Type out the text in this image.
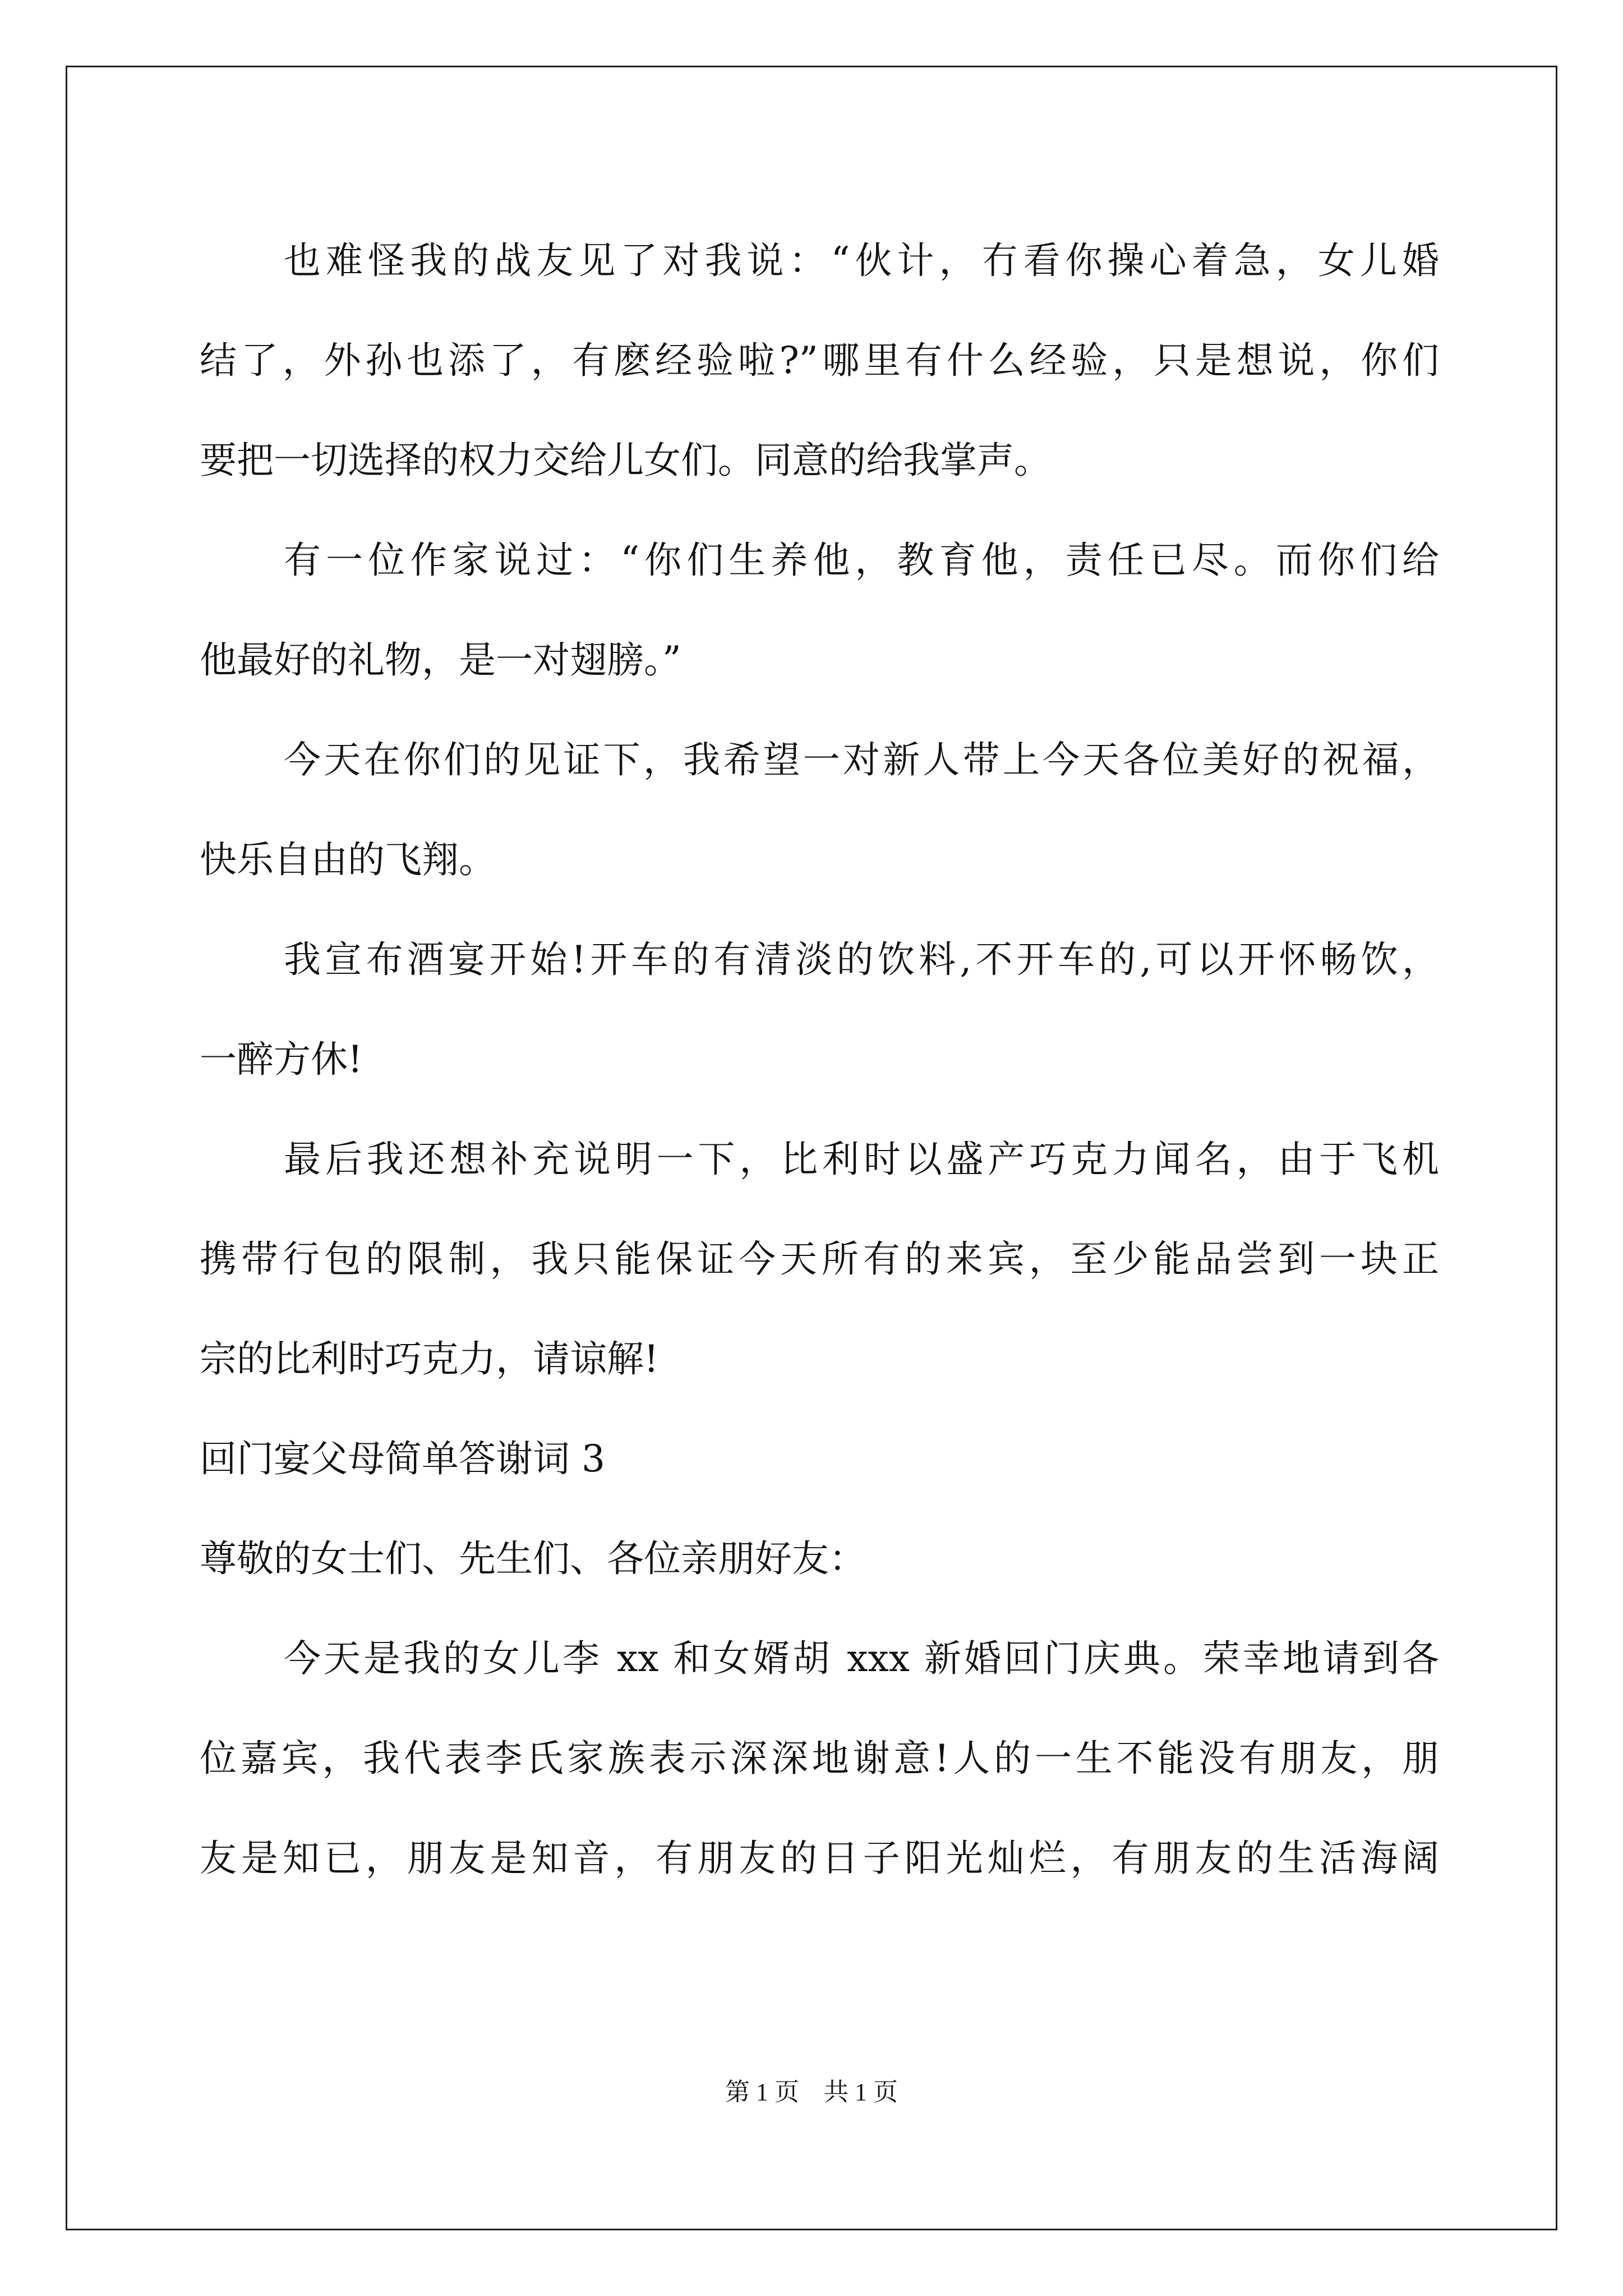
也难怪我的战友见了对我说：“伙计，冇看你操心着急，女儿婚
结了，外孙也添了，有麽经验啦?”哪里有什么经验，只是想说，你们
要把一切选择的权力交给儿女们。同意的给我掌声。
有一位作家说过：“你们生养他，教育他，责任已尽。而你们给
他最好的礼物，是一对翅膀。”
今天在你们的见证下，我希望一对新人带上今天各位美好的祝福，
快乐自由的飞翔。
我宣布酒宴开始!开车的有清淡的饮料,不开车的,可以开怀畅饮，
一醉方休!
最后我还想补充说明一下，比利时以盛产巧克力闻名，由于飞机
携带行包的限制，我只能保证今天所有的来宾，至少能品尝到一块正
宗的比利时巧克力，请谅解!
回门宴父母简单答谢词 3
尊敬的女士们、先生们、各位亲朋好友：
今天是我的女儿李 xx 和女婿胡 xxx 新婚回门庆典。荣幸地请到各
位嘉宾，我代表李氏家族表示深深地谢意!人的一生不能没有朋友，朋
友是知已，朋友是知音，有朋友的日子阳光灿烂，有朋友的生活海阔
第 1 页 共 1 页
